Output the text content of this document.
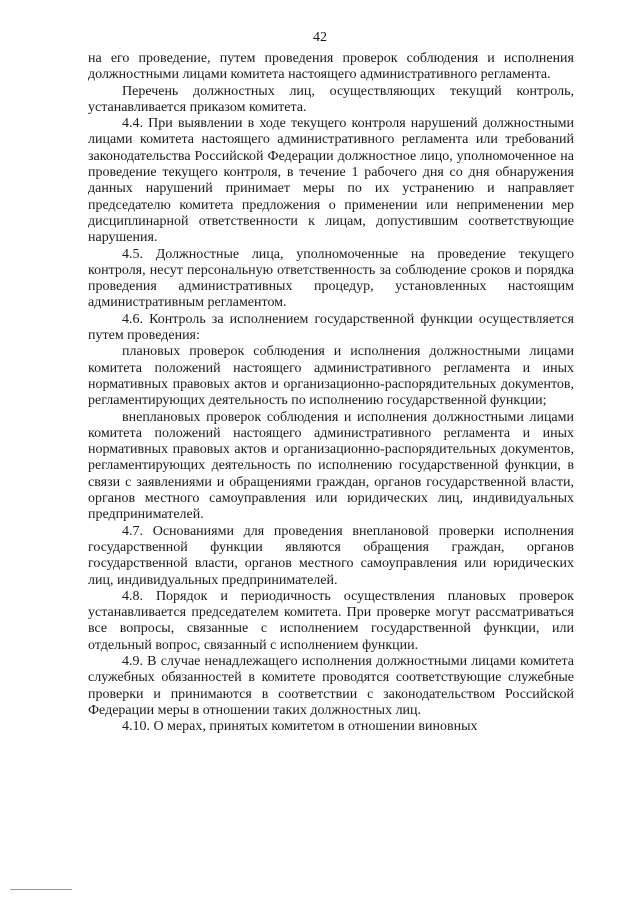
42

на его проведение, путем проведения проверок соблюдения и исполнения должностными лицами комитета настоящего административного регламента.

Перечень должностных лиц, осуществляющих текущий контроль, устанавливается приказом комитета.

4.4. При выявлении в ходе текущего контроля нарушений должностными лицами комитета настоящего административного регламента или требований законодательства Российской Федерации должностное лицо, уполномоченное на проведение текущего контроля, в течение 1 рабочего дня со дня обнаружения данных нарушений принимает меры по их устранению и направляет председателю комитета предложения о применении или неприменении мер дисциплинарной ответственности к лицам, допустившим соответствующие нарушения.

4.5. Должностные лица, уполномоченные на проведение текущего контроля, несут персональную ответственность за соблюдение сроков и порядка проведения административных процедур, установленных настоящим административным регламентом.

4.6. Контроль за исполнением государственной функции осуществляется путем проведения:

плановых проверок соблюдения и исполнения должностными лицами комитета положений настоящего административного регламента и иных нормативных правовых актов и организационно-распорядительных документов, регламентирующих деятельность по исполнению государственной функции;

внеплановых проверок соблюдения и исполнения должностными лицами комитета положений настоящего административного регламента и иных нормативных правовых актов и организационно-распорядительных документов, регламентирующих деятельность по исполнению государственной функции, в связи с заявлениями и обращениями граждан, органов государственной власти, органов местного самоуправления или юридических лиц, индивидуальных предпринимателей.

4.7. Основаниями для проведения внеплановой проверки исполнения государственной функции являются обращения граждан, органов государственной власти, органов местного самоуправления или юридических лиц, индивидуальных предпринимателей.

4.8. Порядок и периодичность осуществления плановых проверок устанавливается председателем комитета. При проверке могут рассматриваться все вопросы, связанные с исполнением государственной функции, или отдельный вопрос, связанный с исполнением функции.

4.9. В случае ненадлежащего исполнения должностными лицами комитета служебных обязанностей в комитете проводятся соответствующие служебные проверки и принимаются в соответствии с законодательством Российской Федерации меры в отношении таких должностных лиц.

4.10. О мерах, принятых комитетом в отношении виновных
